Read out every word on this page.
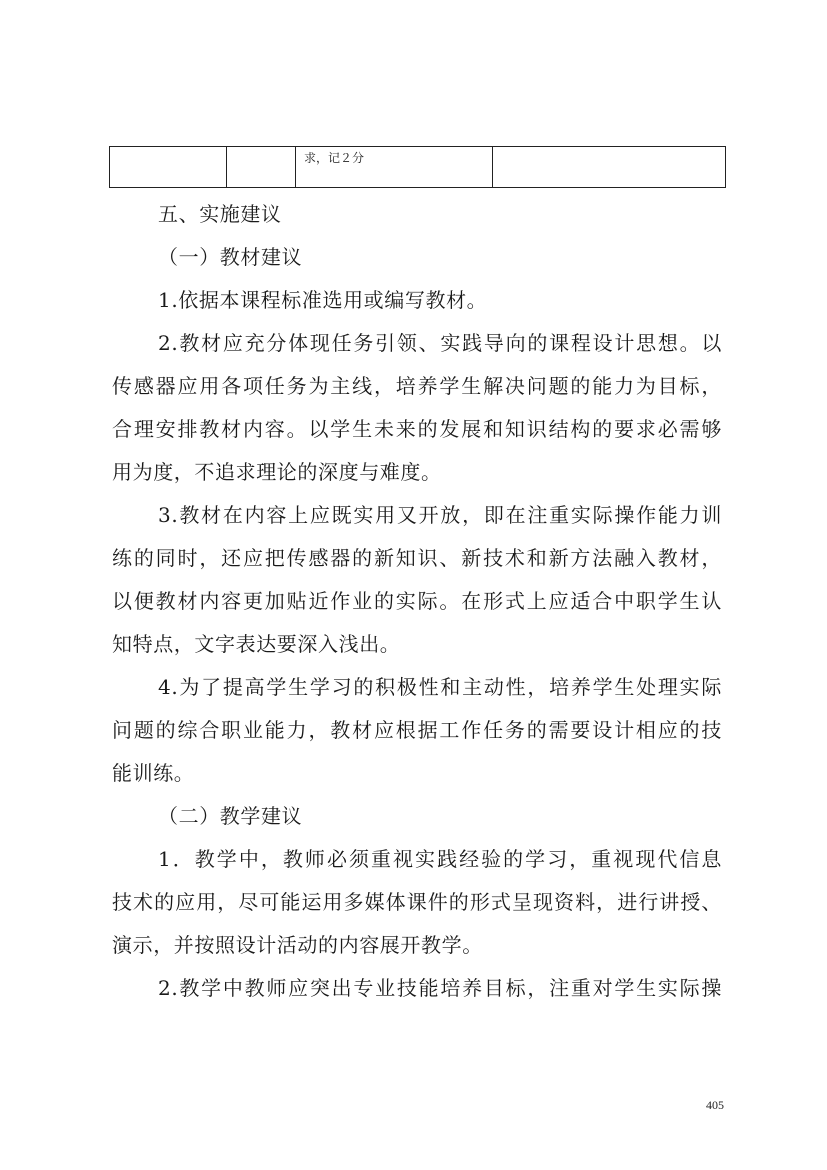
		求，记２分	
五、实施建议
（一）教材建议
1.依据本课程标准选用或编写教材。
2.教材应充分体现任务引领、实践导向的课程设计思想。以
传感器应用各项任务为主线，培养学生解决问题的能力为目标，
合理安排教材内容。以学生未来的发展和知识结构的要求必需够
用为度，不追求理论的深度与难度。
3.教材在内容上应既实用又开放，即在注重实际操作能力训
练的同时，还应把传感器的新知识、新技术和新方法融入教材，
以便教材内容更加贴近作业的实际。在形式上应适合中职学生认
知特点，文字表达要深入浅出。
4.为了提高学生学习的积极性和主动性，培养学生处理实际
问题的综合职业能力，教材应根据工作任务的需要设计相应的技
能训练。
（二）教学建议
1．教学中，教师必须重视实践经验的学习，重视现代信息
技术的应用，尽可能运用多媒体课件的形式呈现资料，进行讲授、
演示，并按照设计活动的内容展开教学。
2.教学中教师应突出专业技能培养目标，注重对学生实际操
405
